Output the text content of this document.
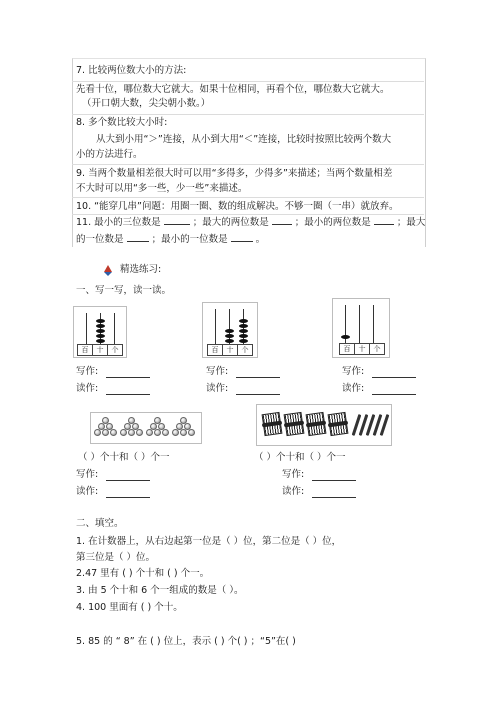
7. 比较两位数大小的方法:
先看十位，哪位数大它就大。如果十位相同，再看个位，哪位数大它就大。
（开口朝大数，尖尖朝小数。）
8. 多个数比较大小时:
从大到小用“＞”连接，从小到大用“＜”连接，比较时按照比较两个数大
小的方法进行。
9. 当两个数量相差很大时可以用“多得多，少得多”来描述；当两个数量相差
不大时可以用“多一些，少一些”来描述。
10. “能穿几串”问题：用圈一圈、数的组成解决。不够一圈（一串）就放弃。
11. 最小的三位数是	；最大的两位数是	；最小的两位数是	；最大
的一位数是	；最小的一位数是	。
精选练习:
一、写一写，读一读。
百	十	个	百	十	个	百	十	个
写作:
读作:
写作:
读作:
写作:
读作:
（ ）个十和（ ）个一	（ ）个十和（ ）个一
写作:
读作:
写作:
读作:
二、填空。
1. 在计数器上，从右边起第一位是（ ）位，第二位是（ ）位，
第三位是（ ）位。
2.47 里有 ( ) 个十和 ( ) 个一。
3. 由 5 个十和 6 个一组成的数是（ ）。
4. 100 里面有 ( ) 个十。
5. 85 的 “ 8” 在 ( ) 位上，表示 ( ) 个( ) ；“5”在( )
